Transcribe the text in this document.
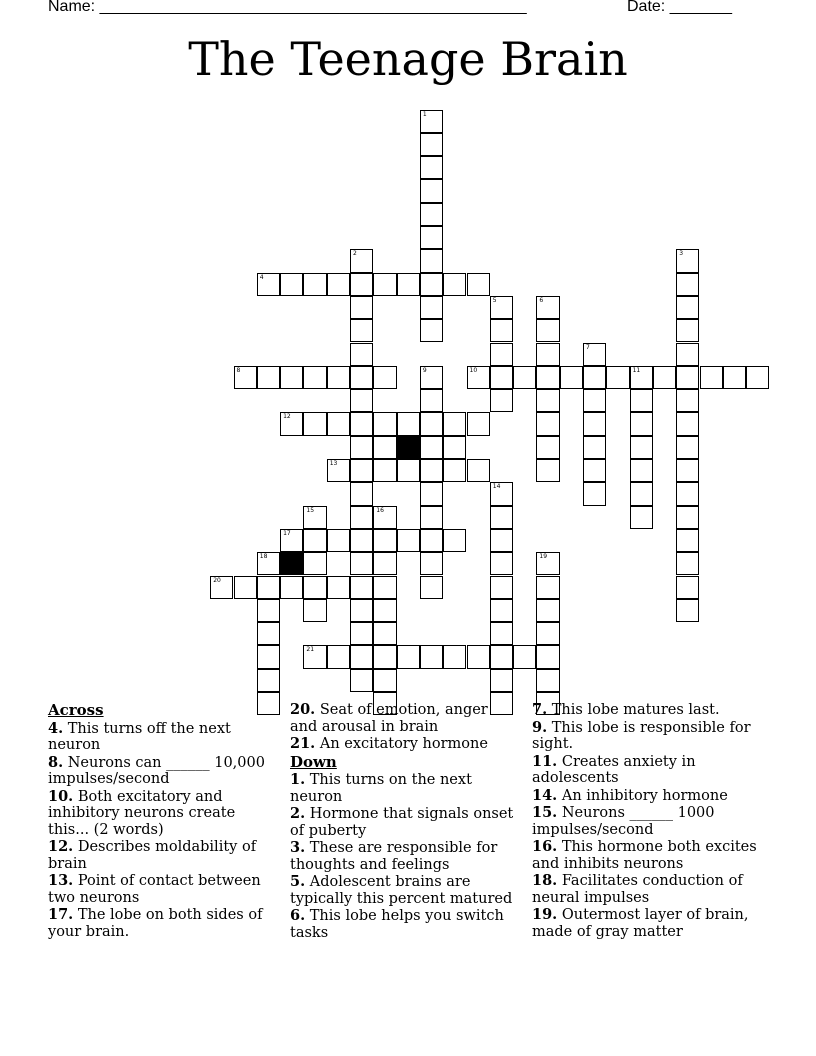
Name: ________________________________________________	Date: _______
The Teenage Brain
1
2	3
4
5	6
7
8	9	10	11
12
13
14
15	16
17
18	19
20
21
Across
4. This turns off the next neuron
8. Neurons can ______ 10,000 impulses/second
10. Both excitatory and inhibitory neurons create this... (2 words)
12. Describes moldability of brain
13. Point of contact between two neurons
17. The lobe on both sides of your brain.
20. Seat of emotion, anger and arousal in brain
21. An excitatory hormone
Down
1. This turns on the next neuron
2. Hormone that signals onset of puberty
3. These are responsible for thoughts and feelings
5. Adolescent brains are typically this percent matured
6. This lobe helps you switch tasks
7. This lobe matures last.
9. This lobe is responsible for sight.
11. Creates anxiety in adolescents
14. An inhibitory hormone
15. Neurons ______ 1000 impulses/second
16. This hormone both excites and inhibits neurons
18. Facilitates conduction of neural impulses
19. Outermost layer of brain, made of gray matter
